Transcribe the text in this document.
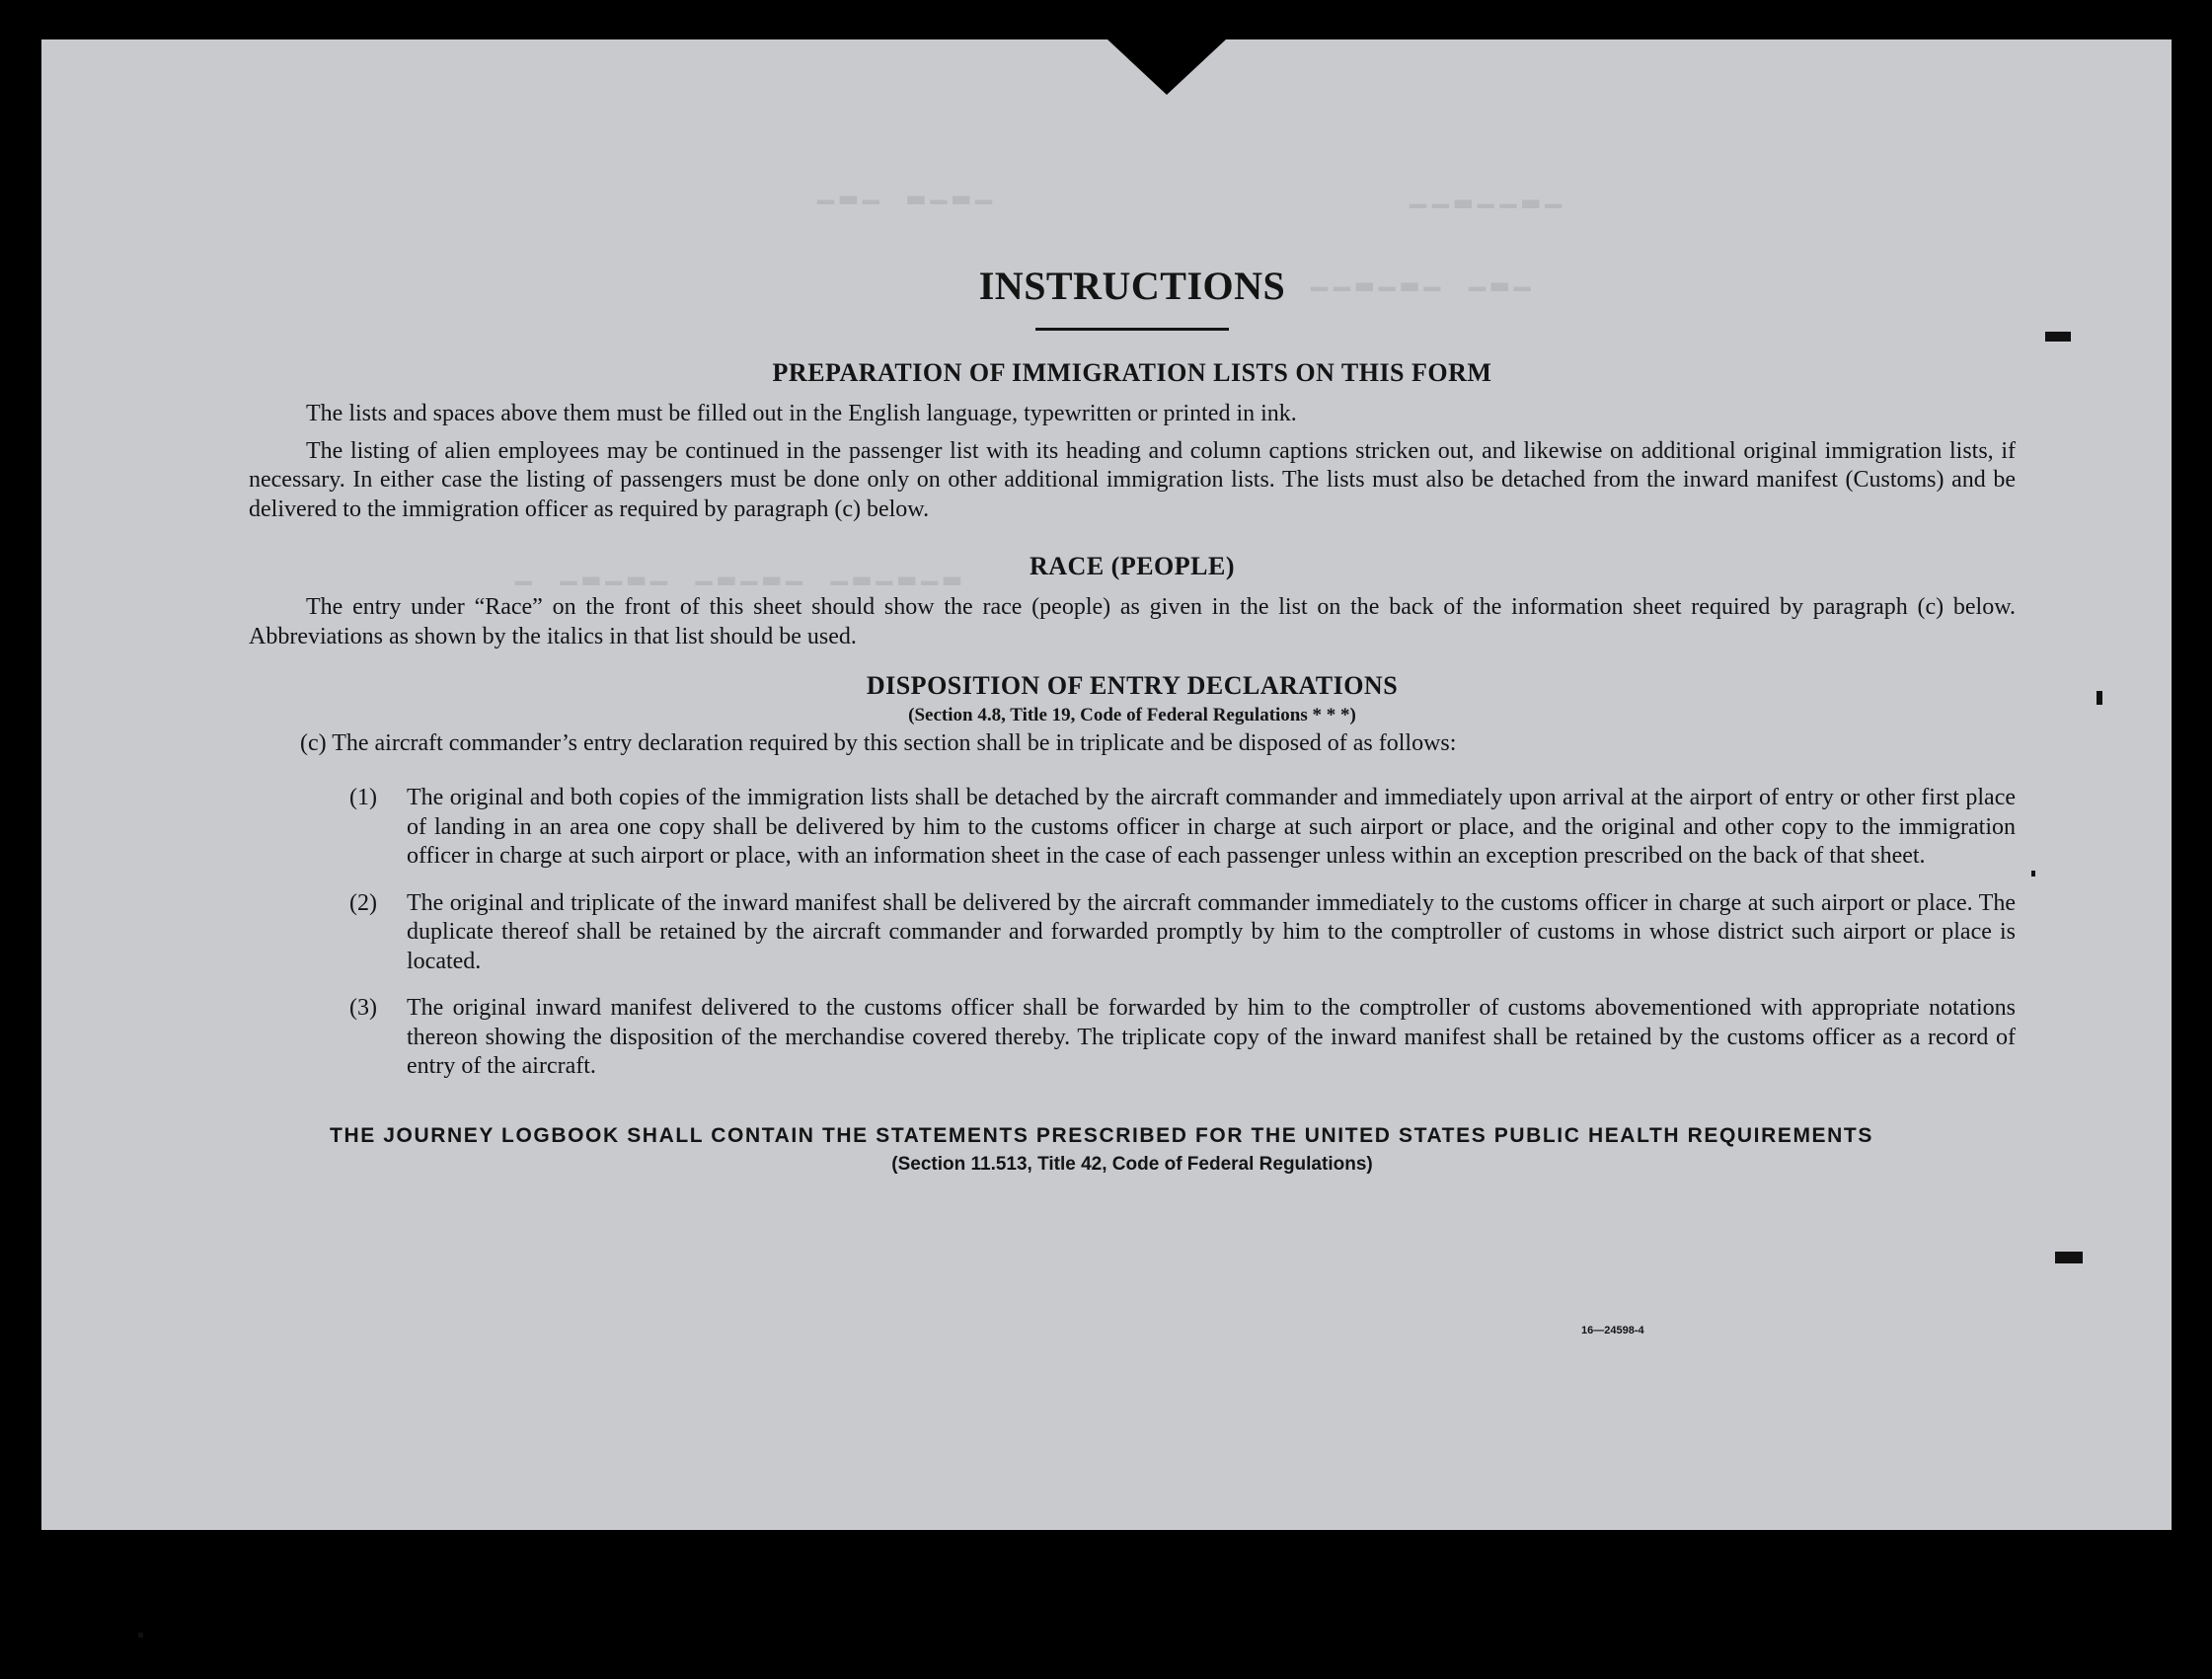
▁▂▁▂ ▁▂▁	▁▂▁▁▂▁▁
▁▂▁ ▁▂▁▂▁▁
▁ ▁▂▁▂▁ ▁▂▁▂▁ ▁▂▁▂▁▂
INSTRUCTIONS
PREPARATION OF IMMIGRATION LISTS ON THIS FORM

The lists and spaces above them must be filled out in the English language, typewritten or printed in ink.

The listing of alien employees may be continued in the passenger list with its heading and column captions stricken out, and likewise on additional original immigration lists, if necessary. In either case the listing of passengers must be done only on other additional immigration lists. The lists must also be detached from the inward manifest (Customs) and be delivered to the immigration officer as required by paragraph (c) below.

RACE (PEOPLE)

The entry under “Race” on the front of this sheet should show the race (people) as given in the list on the back of the information sheet required by paragraph (c) below. Abbreviations as shown by the italics in that list should be used.

DISPOSITION OF ENTRY DECLARATIONS
(Section 4.8, Title 19, Code of Federal Regulations * * *)
(c) The aircraft commander’s entry declaration required by this section shall be in triplicate and be disposed of as follows:
(1) The original and both copies of the immigration lists shall be detached by the aircraft commander and immediately upon arrival at the airport of entry or other first place of landing in an area one copy shall be delivered by him to the customs officer in charge at such airport or place, and the original and other copy to the immigration officer in charge at such airport or place, with an information sheet in the case of each passenger unless within an exception prescribed on the back of that sheet.
(2) The original and triplicate of the inward manifest shall be delivered by the aircraft commander immediately to the customs officer in charge at such airport or place. The duplicate thereof shall be retained by the aircraft commander and forwarded promptly by him to the comptroller of customs in whose district such airport or place is located.
(3) The original inward manifest delivered to the customs officer shall be forwarded by him to the comptroller of customs abovementioned with appropriate notations thereon showing the disposition of the merchandise covered thereby. The triplicate copy of the inward manifest shall be retained by the customs officer as a record of entry of the aircraft.
THE JOURNEY LOGBOOK SHALL CONTAIN THE STATEMENTS PRESCRIBED FOR THE UNITED STATES PUBLIC HEALTH REQUIREMENTS
(Section 11.513, Title 42, Code of Federal Regulations)
16—24598-4
